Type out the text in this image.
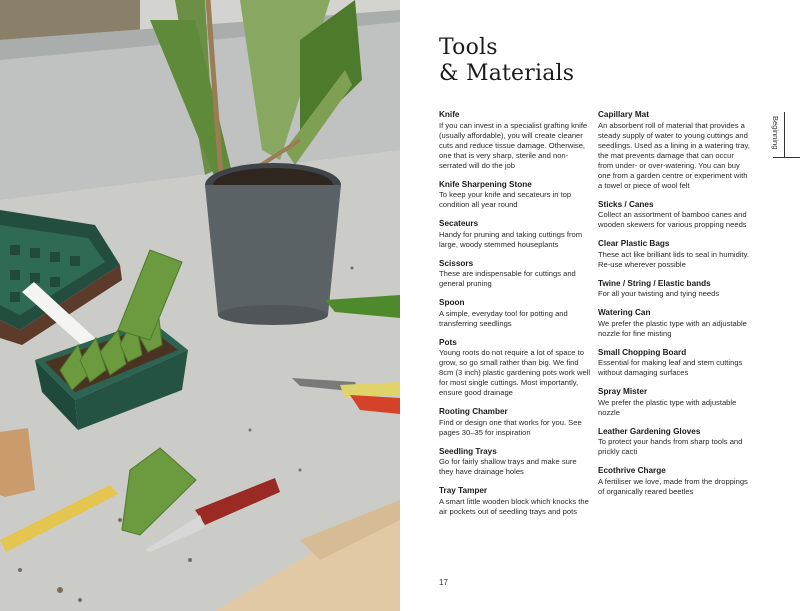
Tools
& Materials
Knife
If you can invest in a specialist grafting knife (usually affordable), you will create cleaner cuts and reduce tissue damage. Otherwise, one that is very sharp, sterile and non-serrated will do the job
Knife Sharpening Stone
To keep your knife and secateurs in top condition all year round
Secateurs
Handy for pruning and taking cuttings from large, woody stemmed houseplants
Scissors
These are indispensable for cuttings and general pruning
Spoon
A simple, everyday tool for potting and transferring seedlings
Pots
Young roots do not require a lot of space to grow, so go small rather than big. We find 8cm (3 inch) plastic gardening pots work well for most single cuttings. Most importantly, ensure good drainage
Rooting Chamber
Find or design one that works for you. See pages 30–35 for inspiration
Seedling Trays
Go for fairly shallow trays and make sure they have drainage holes
Tray Tamper
A smart little wooden block which knocks the air pockets out of seedling trays and pots
Capillary Mat
An absorbent roll of material that provides a steady supply of water to young cuttings and seedlings. Used as a lining in a watering tray, the mat prevents damage that can occur from under- or over-watering. You can buy one from a garden centre or experiment with a towel or piece of wool felt
Sticks / Canes
Collect an assortment of bamboo canes and wooden skewers for various propping needs
Clear Plastic Bags
These act like brilliant lids to seal in humidity. Re-use wherever possible
Twine / String / Elastic bands
For all your twisting and tying needs
Watering Can
We prefer the plastic type with an adjustable nozzle for fine misting
Small Chopping Board
Essential for making leaf and stem cuttings without damaging surfaces
Spray Mister
We prefer the plastic type with adjustable nozzle
Leather Gardening Gloves
To protect your hands from sharp tools and prickly cacti
Ecothrive Charge
A fertiliser we love, made from the droppings of organically reared beetles
Beginning
17
